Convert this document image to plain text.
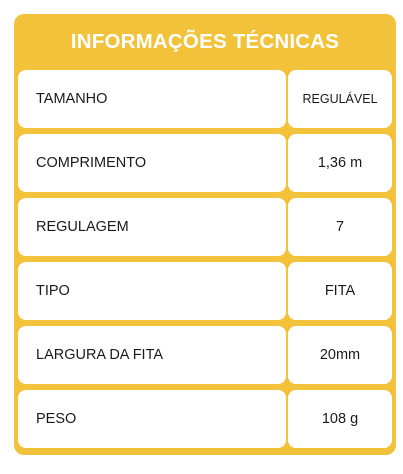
INFORMAÇÕES TÉCNICAS
TAMANHO	REGULÁVEL
COMPRIMENTO	1,36 m
REGULAGEM	7
TIPO	FITA
LARGURA DA FITA	20mm
PESO	108 g
